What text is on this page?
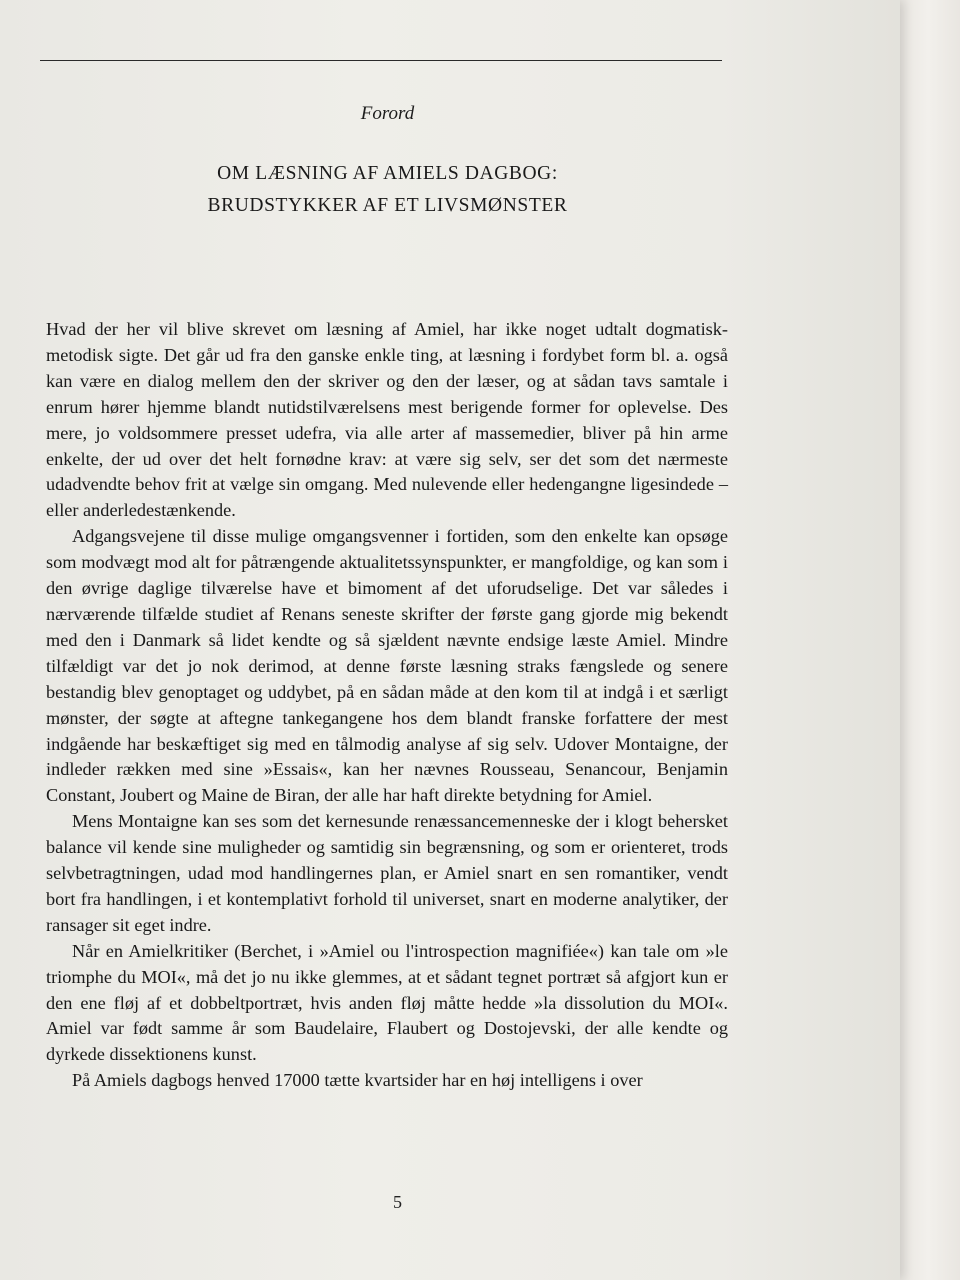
Forord
OM LÆSNING AF AMIELS DAGBOG:
BRUDSTYKKER AF ET LIVSMØNSTER

Hvad der her vil blive skrevet om læsning af Amiel, har ikke noget udtalt dogmatisk-metodisk sigte. Det går ud fra den ganske enkle ting, at læsning i fordybet form bl. a. også kan være en dialog mellem den der skriver og den der læser, og at sådan tavs samtale i enrum hører hjemme blandt nutidstilværelsens mest berigende former for oplevelse. Des mere, jo voldsommere presset udefra, via alle arter af massemedier, bliver på hin arme enkelte, der ud over det helt fornødne krav: at være sig selv, ser det som det nærmeste udadvendte behov frit at vælge sin omgang. Med nulevende eller hedengangne ligesindede – eller anderledestænkende.

Adgangsvejene til disse mulige omgangsvenner i fortiden, som den enkelte kan opsøge som modvægt mod alt for påtrængende aktualitetssynspunkter, er mangfoldige, og kan som i den øvrige daglige tilværelse have et bimoment af det uforudselige. Det var således i nærværende tilfælde studiet af Renans seneste skrifter der første gang gjorde mig bekendt med den i Danmark så lidet kendte og så sjældent nævnte endsige læste Amiel. Mindre tilfældigt var det jo nok derimod, at denne første læsning straks fængslede og senere bestandig blev genoptaget og uddybet, på en sådan måde at den kom til at indgå i et særligt mønster, der søgte at aftegne tankegangene hos dem blandt franske forfattere der mest indgående har beskæftiget sig med en tålmodig analyse af sig selv. Udover Montaigne, der indleder rækken med sine »Essais«, kan her nævnes Rousseau, Senancour, Benjamin Constant, Joubert og Maine de Biran, der alle har haft direkte betydning for Amiel.

Mens Montaigne kan ses som det kernesunde renæssancemenneske der i klogt behersket balance vil kende sine muligheder og samtidig sin begrænsning, og som er orienteret, trods selvbetragtningen, udad mod handlingernes plan, er Amiel snart en sen romantiker, vendt bort fra handlingen, i et kontemplativt forhold til universet, snart en moderne analytiker, der ransager sit eget indre.

Når en Amielkritiker (Berchet, i »Amiel ou l'introspection magnifiée«) kan tale om »le triomphe du MOI«, må det jo nu ikke glemmes, at et sådant tegnet portræt så afgjort kun er den ene fløj af et dobbeltportræt, hvis anden fløj måtte hedde »la dissolution du MOI«. Amiel var født samme år som Baudelaire, Flaubert og Dostojevski, der alle kendte og dyrkede dissektionens kunst.

På Amiels dagbogs henved 17000 tætte kvartsider har en høj intelligens i over

5
